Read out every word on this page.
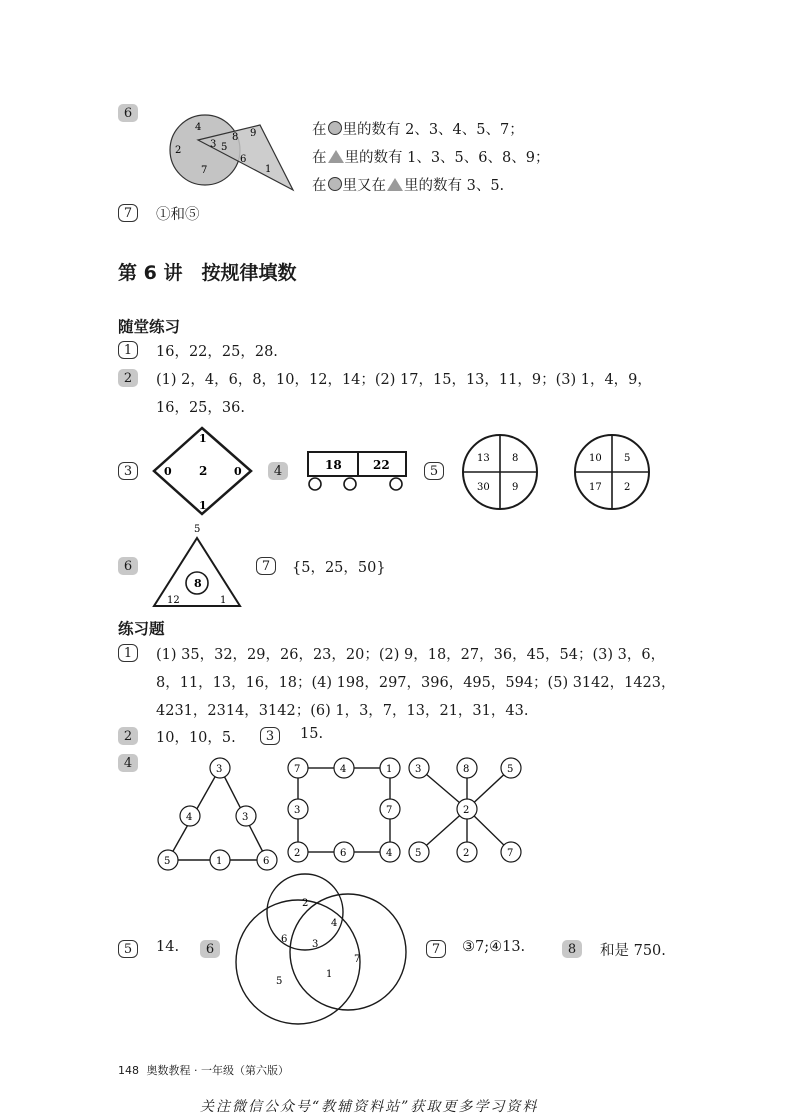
6
4
2
3
7
5
8 9
6
1
在 里的数有 2、3、4、5、7；
在 里的数有 1、3、5、6、8、9；
在 里又在 里的数有 3、5.
7	①和⑤
第 6 讲　按规律填数
随堂练习
1	16，22，25，28.
2	(1) 2，4，6，8，10，12，14；(2) 17，15，13，11，9；(3) 1，4，9，
16，25，36.
3
1
0 2 0
1
4	18	22	5
13 8
30 9
10 5
17 2
6
5
8
12	1
7	{5，25，50}
练习题
1	(1) 35，32，29，26，23，20；(2) 9，18，27，36，45，54；(3) 3，6，
8，11，13，16，18；(4) 198，297，396，495，594；(5) 3142，1423，
4231，2314，3142；(6) 1，3，7，13，21，31，43.
2	10，10，5.	3	15.
4	3
4	3
5	1	6
7	4	1
3	7
2	6	4
3	8	5
2
5	2	7
5	14.	6
2
4
6 3
7
5
1
7	③7;④13.	8	和是 750.
148 奥数教程 · 一年级（第六版）
关注微信公众号“教辅资料站”获取更多学习资料
